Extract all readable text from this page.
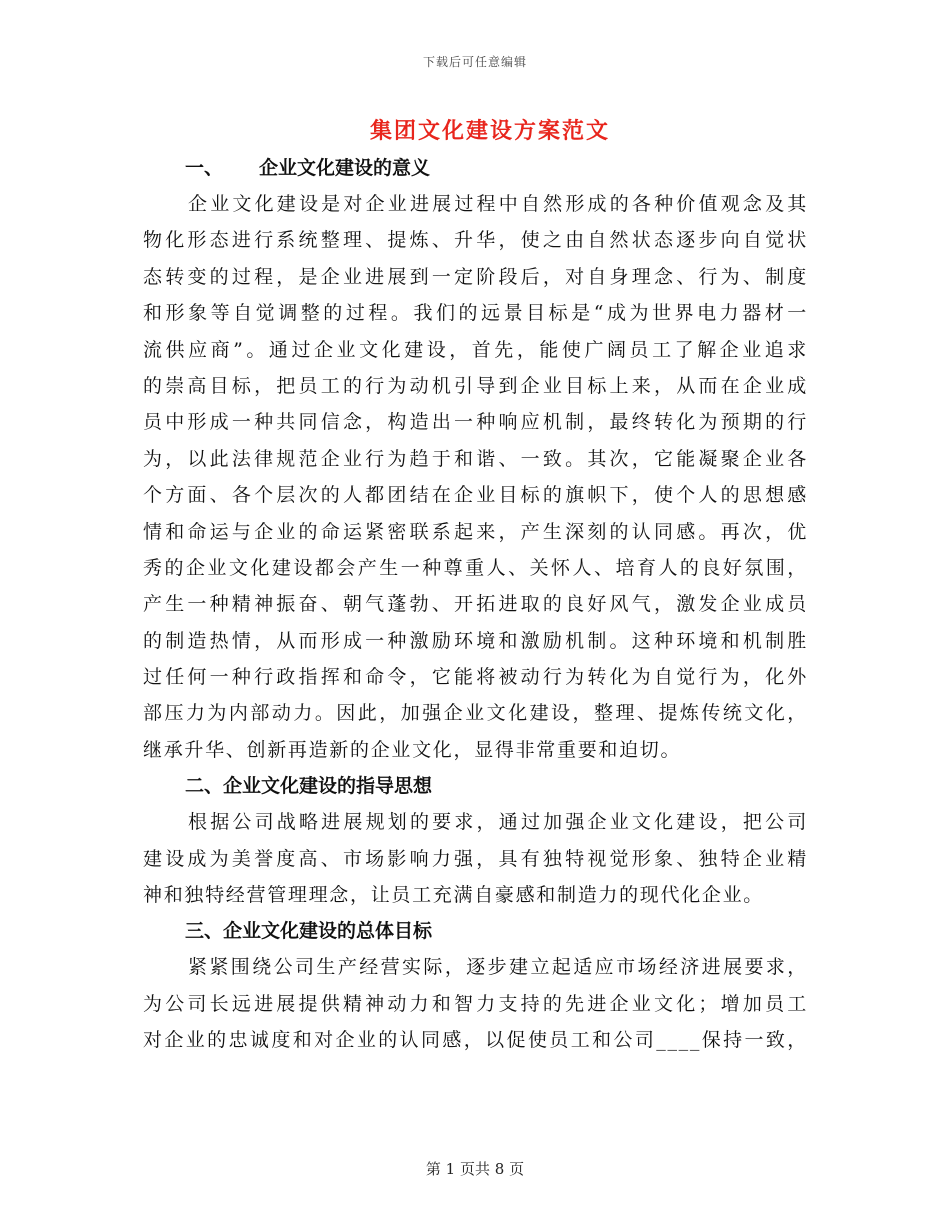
下载后可任意编辑
集团文化建设方案范文
一、 企业文化建设的意义
企业文化建设是对企业进展过程中自然形成的各种价值观念及其
物化形态进行系统整理、提炼、升华，使之由自然状态逐步向自觉状
态转变的过程，是企业进展到一定阶段后，对自身理念、行为、制度
和形象等自觉调整的过程。我们的远景目标是“成为世界电力器材一
流供应商”。通过企业文化建设，首先，能使广阔员工了解企业追求
的崇高目标，把员工的行为动机引导到企业目标上来，从而在企业成
员中形成一种共同信念，构造出一种响应机制，最终转化为预期的行
为，以此法律规范企业行为趋于和谐、一致。其次，它能凝聚企业各
个方面、各个层次的人都团结在企业目标的旗帜下，使个人的思想感
情和命运与企业的命运紧密联系起来，产生深刻的认同感。再次，优
秀的企业文化建设都会产生一种尊重人、关怀人、培育人的良好氛围，
产生一种精神振奋、朝气蓬勃、开拓进取的良好风气，激发企业成员
的制造热情，从而形成一种激励环境和激励机制。这种环境和机制胜
过任何一种行政指挥和命令，它能将被动行为转化为自觉行为，化外
部压力为内部动力。因此，加强企业文化建设，整理、提炼传统文化，
继承升华、创新再造新的企业文化，显得非常重要和迫切。
二、企业文化建设的指导思想
根据公司战略进展规划的要求，通过加强企业文化建设，把公司
建设成为美誉度高、市场影响力强，具有独特视觉形象、独特企业精
神和独特经营管理理念，让员工充满自豪感和制造力的现代化企业。
三、企业文化建设的总体目标
紧紧围绕公司生产经营实际，逐步建立起适应市场经济进展要求，
为公司长远进展提供精神动力和智力支持的先进企业文化；增加员工
对企业的忠诚度和对企业的认同感，以促使员工和公司____保持一致，
第 1 页共 8 页
